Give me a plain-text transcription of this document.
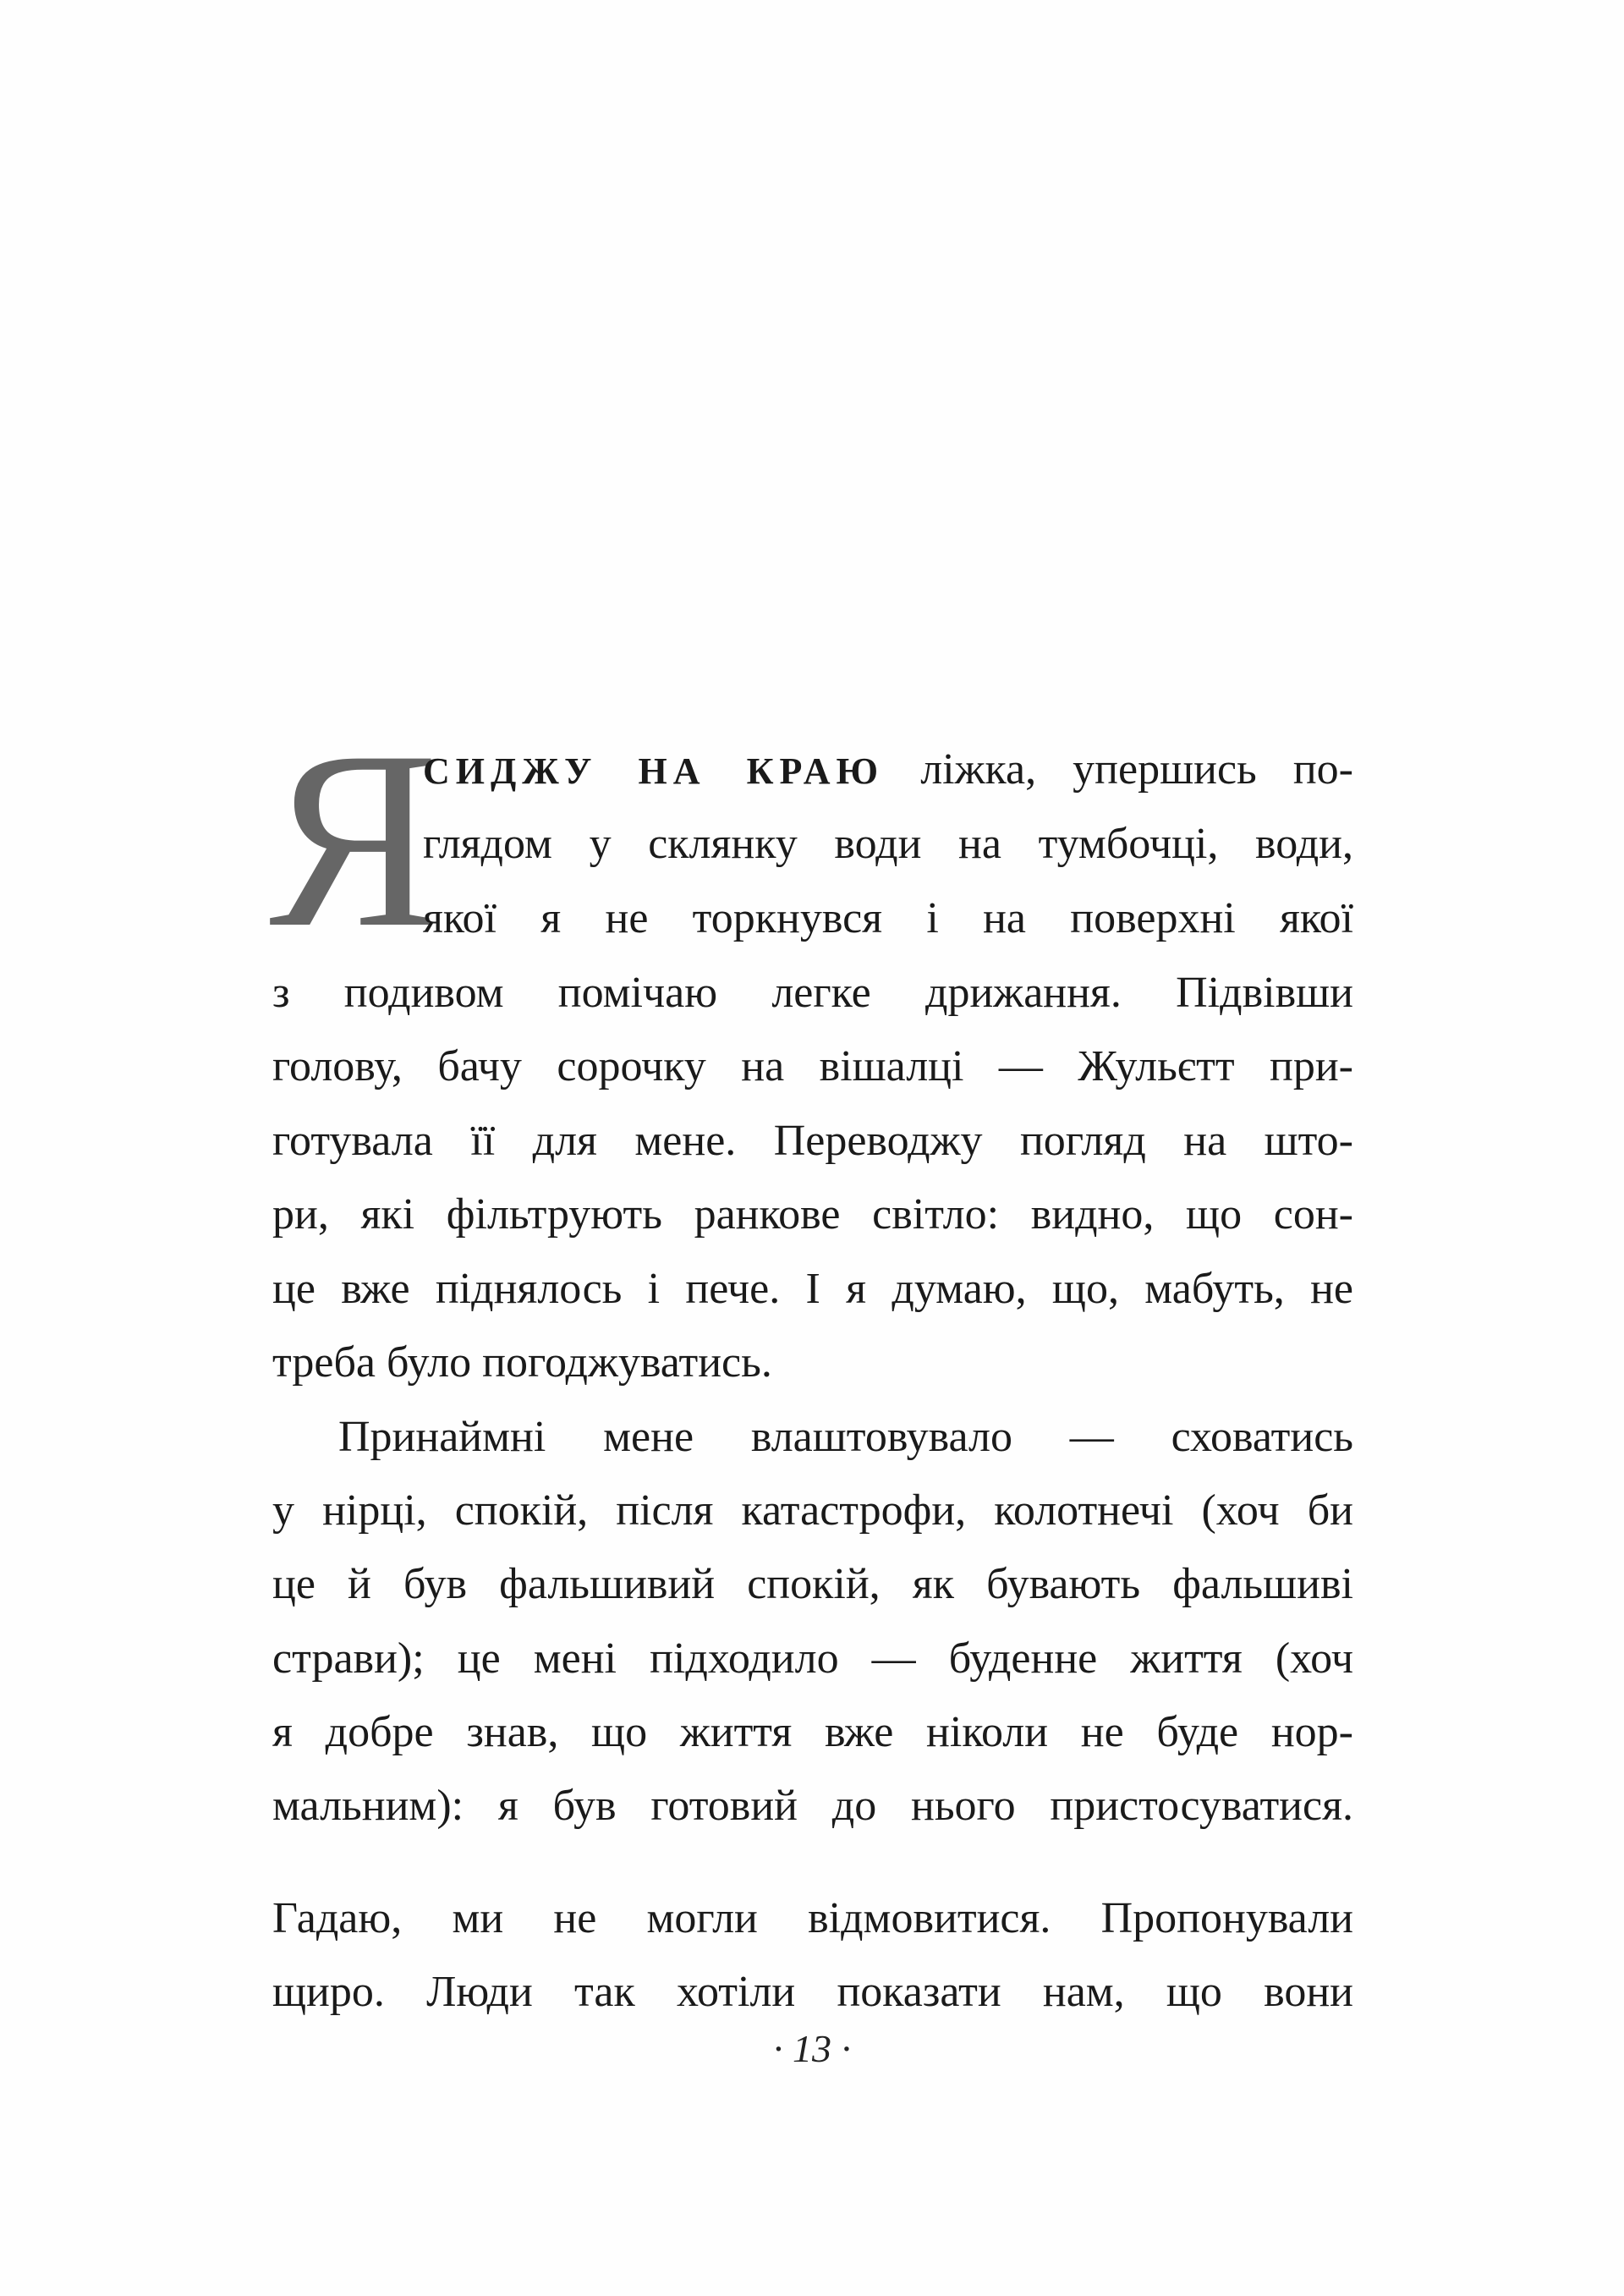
Я
СИДЖУ НА КРАЮ ліжка, упершись по-
глядом у склянку води на тумбочці, води,
якої я не торкнувся і на поверхні якої
з подивом помічаю легке дрижання. Підвівши
голову, бачу сорочку на вішалці — Жульєтт при-
готувала її для мене. Переводжу погляд на што-
ри, які фільтрують ранкове світло: видно, що сон-
це вже піднялось і пече. І я думаю, що, мабуть, не
треба було погоджуватись.
Принаймні мене влаштовувало — сховатись
у нірці, спокій, після катастрофи, колотнечі (хоч би
це й був фальшивий спокій, як бувають фальшиві
страви); це мені підходило — буденне життя (хоч
я добре знав, що життя вже ніколи не буде нор-
мальним): я був готовий до нього пристосуватися.
Гадаю, ми не могли відмовитися. Пропонували
щиро. Люди так хотіли показати нам, що вони
· 13 ·
